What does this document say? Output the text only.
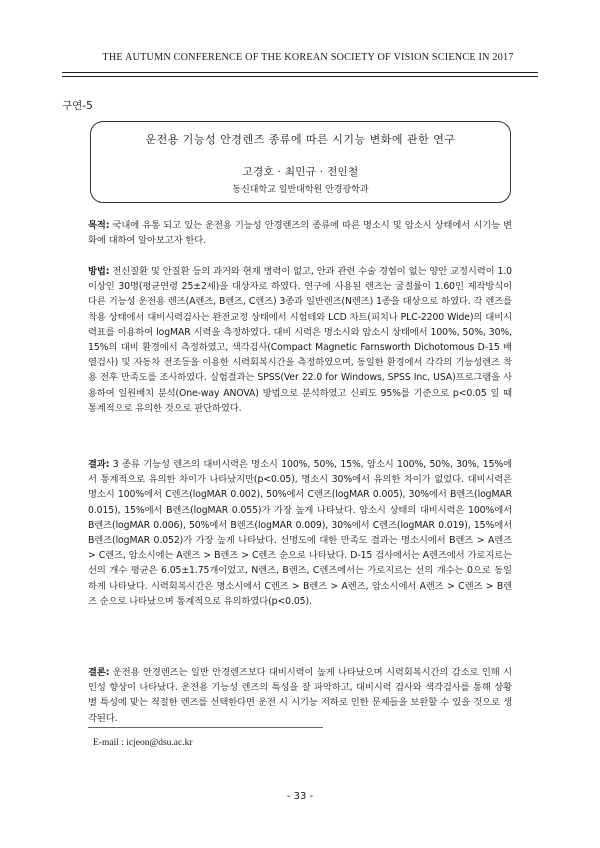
THE AUTUMN CONFERENCE OF THE KOREAN SOCIETY OF VISION SCIENCE IN 2017
구연-5
운전용 기능성 안경렌즈 종류에 따른 시기능 변화에 관한 연구
고경호 · 최민규 · 전인철
동신대학교 일반대학원 안경광학과
목적: 국내에 유통 되고 있는 운전용 기능성 안경렌즈의 종류에 따른 명소시 및 암소시 상태에서 시기능 변화에 대하여 알아보고자 한다.
방법: 전신질환 및 안질환 등의 과거와 현재 병력이 없고, 안과 관련 수술 경험이 없는 양안 교정시력이 1.0 이상인 30명(평균연령 25±2세)을 대상자로 하였다. 연구에 사용된 렌즈는 굴절률이 1.60인 제작방식이 다른 기능성 운전용 렌즈(A렌즈, B렌즈, C렌즈) 3종과 일반렌즈(N렌즈) 1종을 대상으로 하였다. 각 렌즈를 착용 상태에서 대비시력검사는 완전교정 상태에서 시험테와 LCD 차트(피치나 PLC-2200 Wide)의 대비시력표를 이용하여 logMAR 시력을 측정하였다. 대비 시력은 명소시와 암소시 상태에서 100%, 50%, 30%, 15%의 대비 환경에서 측정하였고, 색각검사(Compact Magnetic Farnsworth Dichotomous D-15 배열검사) 및 자동차 전조등을 이용한 시력회복시간을 측정하였으며, 동일한 환경에서 각각의 기능성렌즈 착용 전후 만족도를 조사하였다. 실험결과는 SPSS(Ver 22.0 for Windows, SPSS Inc, USA)프로그램을 사용하여 일원배치 분석(One-way ANOVA) 방법으로 분석하였고 신뢰도 95%를 기준으로 p<0.05 일 때 통계적으로 유의한 것으로 판단하였다.
결과: 3 종류 기능성 렌즈의 대비시력은 명소시 100%, 50%, 15%, 암소시 100%, 50%, 30%, 15%에서 통계적으로 유의한 차이가 나타났지만(p<0.05), 명소시 30%에서 유의한 차이가 없었다. 대비시력은 명소시 100%에서 C렌즈(logMAR 0.002), 50%에서 C렌즈(logMAR 0.005), 30%에서 B렌즈(logMAR 0.015), 15%에서 B렌즈(logMAR 0.055)가 가장 높게 나타났다. 암소시 상태의 대비시력은 100%에서 B렌즈(logMAR 0.006), 50%에서 B렌즈(logMAR 0.009), 30%에서 C렌즈(logMAR 0.019), 15%에서 B렌즈(logMAR 0.052)가 가장 높게 나타났다. 선명도에 대한 만족도 결과는 명소시에서 B렌즈 > A렌즈 > C렌즈, 암소시에는 A렌즈 > B렌즈 > C렌즈 순으로 나타났다. D-15 검사에서는 A렌즈에서 가로지르는 선의 개수 평균은 6.05±1.75개이었고, N렌즈, B렌즈, C렌즈에서는 가로지르는 선의 개수는 0으로 동일하게 나타났다. 시력회복시간은 명소시에서 C렌즈 > B렌즈 > A렌즈, 암소시에서 A렌즈 > C렌즈 > B렌즈 순으로 나타났으며 통계적으로 유의하였다(p<0.05).
결론: 운전용 안경렌즈는 일반 안경렌즈보다 대비시력이 높게 나타났으며 시력회복시간의 감소로 인해 시인성 향상이 나타났다. 운전용 기능성 렌즈의 특성을 잘 파악하고, 대비시력 검사와 색각검사를 통해 상황별 특성에 맞는 적절한 렌즈를 선택한다면 운전 시 시기능 저하로 인한 문제들을 보완할 수 있을 것으로 생각된다.
E-mail : icjeon@dsu.ac.kr
- 33 -
